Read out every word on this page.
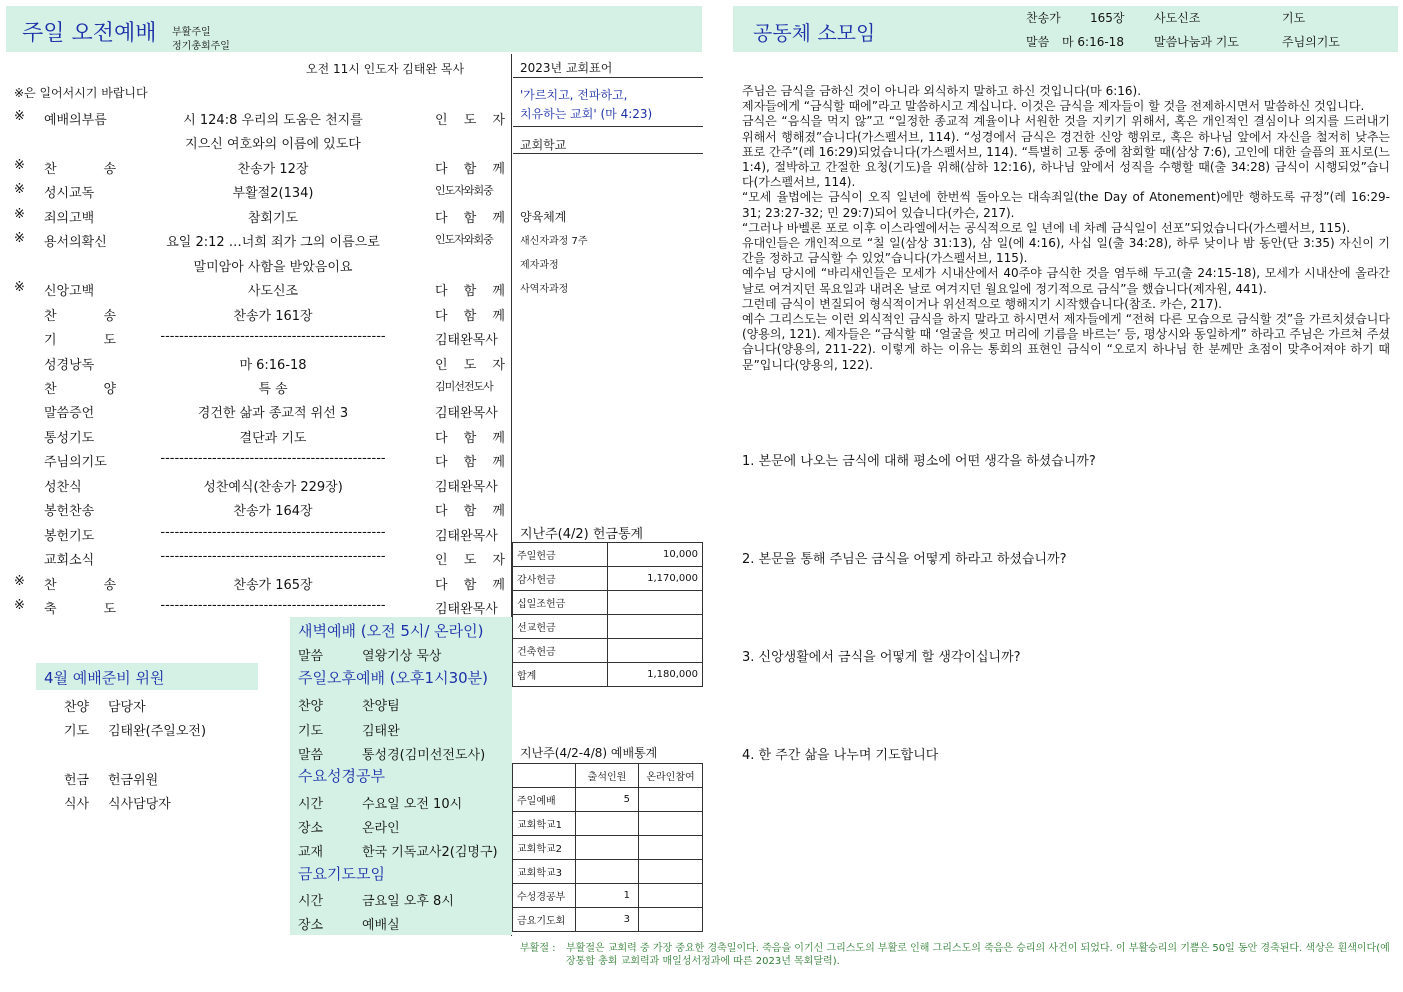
주일 오전예배 부활주일
정기총회주일
공동체 소모임
찬송가 165장 사도신조	기도
말씀 마 6:16-18	말씀나눔과 기도	주님의기도
오전 11시 인도자 김태완 목사
※은 일어서시기 바랍니다
※ 예배의부름	시 124:8 우리의 도움은 천지를	인 도 자
지으신 여호와의 이름에 있도다
※ 찬 송	찬송가 12장	다 함 께
※ 성시교독	부활절2(134)	인도자와회중
※ 죄의고백	참회기도	다 함 께
※ 용서의확신	요일 2:12 …너희 죄가 그의 이름으로	인도자와회중
말미암아 사함을 받았음이요
※ 신앙고백	사도신조	다 함 께
찬 송	찬송가 161장	다 함 께
기 도	------------------------------------------------	김태완목사
성경낭독	마 6:16-18	인 도 자
찬 양	특 송	김미선전도사
말씀증언	경건한 삶과 종교적 위선 3	김태완목사
통성기도	결단과 기도	다 함 께
주님의기도	------------------------------------------------	다 함 께
성찬식	성찬예식(찬송가 229장)	김태완목사
봉헌찬송	찬송가 164장	다 함 께
봉헌기도	------------------------------------------------	김태완목사
교회소식	------------------------------------------------	인 도 자
※ 찬 송	찬송가 165장	다 함 께
※ 축 도	------------------------------------------------	김태완목사
2023년 교회표어
'가르치고, 전파하고,
치유하는 교회' (마 4:23)
교회학교
양육체계
새신자과정 7주
제자과정
사역자과정
지난주(4/2) 헌금통계
주일헌금	10,000
감사헌금	1,170,000
십일조헌금	
선교헌금	
건축헌금	
합계	1,180,000
지난주(4/2-4/8) 예배통계
	출석인원	온라인참여
주일예배	5	
교회학교1		
교회학교2		
교회학교3		
수성경공부	1	
금요기도회	3	
4월 예배준비 위원
찬양 담당자
기도 김태완(주일오전)
헌금 헌금위원
식사 식사담당자
새벽예배 (오전 5시/ 온라인)
말씀	열왕기상 묵상
주일오후예배 (오후1시30분)
찬양	찬양팀
기도	김태완
말씀	통성경(김미선전도사)
수요성경공부
시간	수요일 오전 10시
장소	온라인
교재	한국 기독교사2(김명구)
금요기도모임
시간	금요일 오후 8시
장소	예배실
주님은 금식을 금하신 것이 아니라 외식하지 말하고 하신 것입니다(마 6:16).
제자들에게 “금식할 때에”라고 말씀하시고 계십니다. 이것은 금식을 제자들이 할 것을 전제하시면서 말씀하신 것입니다.
금식은 “음식을 먹지 않”고 “일정한 종교적 계율이나 서원한 것을 지키기 위해서, 혹은 개인적인 결심이나 의지를 드러내기 위해서 행해졌”습니다(가스펠서브, 114). “성경에서 금식은 경건한 신앙 행위로, 혹은 하나님 앞에서 자신을 철저히 낮추는 표로 간주”(레 16:29)되었습니다(가스펠서브, 114). “특별히 고통 중에 참회할 때(삼상 7:6), 고인에 대한 슬픔의 표시로(느 1:4), 절박하고 간절한 요청(기도)을 위해(삼하 12:16), 하나님 앞에서 성직을 수행할 때(출 34:28) 금식이 시행되었”습니다(가스펠서브, 114).
“모세 율법에는 금식이 오직 일년에 한번씩 돌아오는 대속죄일(the Day of Atonement)에만 행하도록 규정”(레 16:29-31; 23:27-32; 민 29:7)되어 있습니다(카슨, 217).
“그러나 바벨론 포로 이후 이스라엘에서는 공식적으로 일 년에 네 차례 금식일이 선포”되었습니다(가스펠서브, 115).
유대인들은 개인적으로 “칠 일(삼상 31:13), 삼 일(에 4:16), 사십 일(출 34:28), 하루 낮이나 밤 동안(단 3:35) 자신이 기간을 정하고 금식할 수 있었”습니다(가스펠서브, 115).
예수님 당시에 “바리새인들은 모세가 시내산에서 40주야 금식한 것을 염두해 두고(출 24:15-18), 모세가 시내산에 올라간 날로 여겨지던 목요일과 내려온 날로 여겨지던 월요일에 정기적으로 금식”을 했습니다(제자원, 441).
그런데 금식이 변질되어 형식적이거나 위선적으로 행해지기 시작했습니다(참조. 카슨, 217).
예수 그리스도는 이런 외식적인 금식을 하지 말라고 하시면서 제자들에게 “전혀 다른 모습으로 금식할 것”을 가르치셨습니다(양용의, 121). 제자들은 “금식할 때 ‘얼굴을 씻고 머리에 기름을 바르는’ 등, 평상시와 동일하게” 하라고 주님은 가르쳐 주셨습니다(양용의, 211-22). 이렇게 하는 이유는 통회의 표현인 금식이 “오로지 하나님 한 분께만 초점이 맞추어져야 하기 때문”입니다(양용의, 122).
1. 본문에 나오는 금식에 대해 평소에 어떤 생각을 하셨습니까?
2. 본문을 통해 주님은 금식을 어떻게 하라고 하셨습니까?
3. 신앙생활에서 금식을 어떻게 할 생각이십니까?
4. 한 주간 삶을 나누며 기도합니다
부활절 : 부활절은 교회력 중 가장 중요한 경축일이다. 죽음을 이기신 그리스도의 부활로 인해 그리스도의 죽음은 승리의 사건이 되었다. 이 부활승리의 기쁨은 50일 동안 경축된다. 색상은 흰색이다(예장통합 총회 교회력과 매일성서정과에 따른 2023년 목회달력).
